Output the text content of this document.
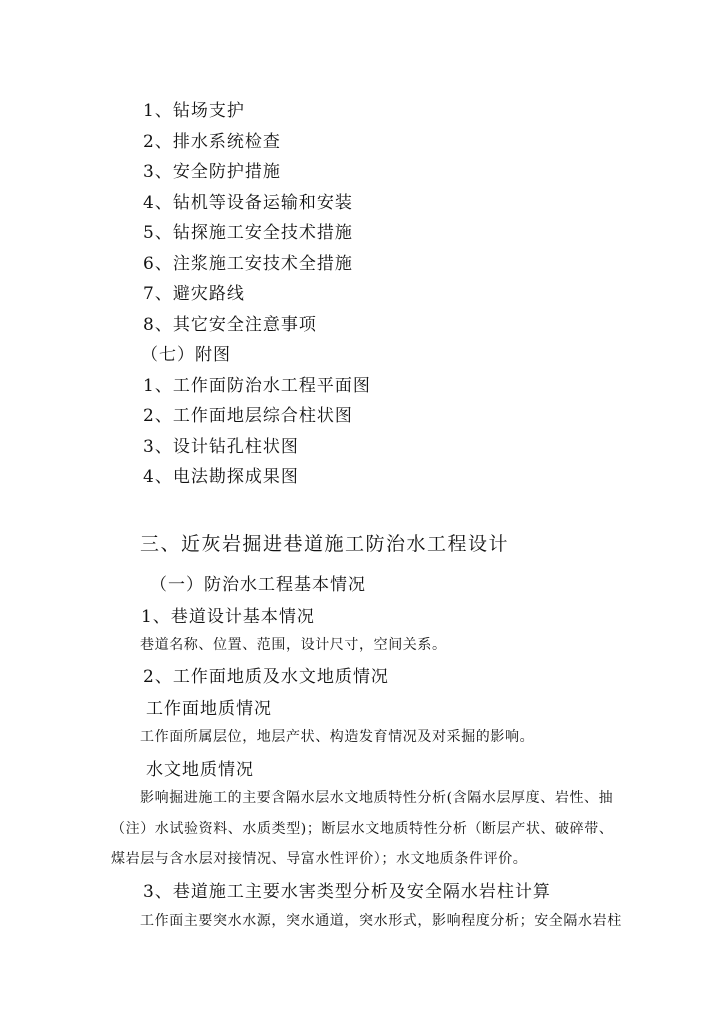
1、钻场支护
2、排水系统检查
3、安全防护措施
4、钻机等设备运输和安装
5、钻探施工安全技术措施
6、注浆施工安技术全措施
7、避灾路线
8、其它安全注意事项
（七）附图
1、工作面防治水工程平面图
2、工作面地层综合柱状图
3、设计钻孔柱状图
4、电法勘探成果图
三、近灰岩掘进巷道施工防治水工程设计
（一）防治水工程基本情况
1、巷道设计基本情况
巷道名称、位置、范围，设计尺寸，空间关系。
2、工作面地质及水文地质情况
工作面地质情况
工作面所属层位，地层产状、构造发育情况及对采掘的影响。
水文地质情况
影响掘进施工的主要含隔水层水文地质特性分析(含隔水层厚度、岩性、抽
（注）水试验资料、水质类型)；断层水文地质特性分析（断层产状、破碎带、
煤岩层与含水层对接情况、导富水性评价）；水文地质条件评价。
3、巷道施工主要水害类型分析及安全隔水岩柱计算
工作面主要突水水源，突水通道，突水形式，影响程度分析；安全隔水岩柱
